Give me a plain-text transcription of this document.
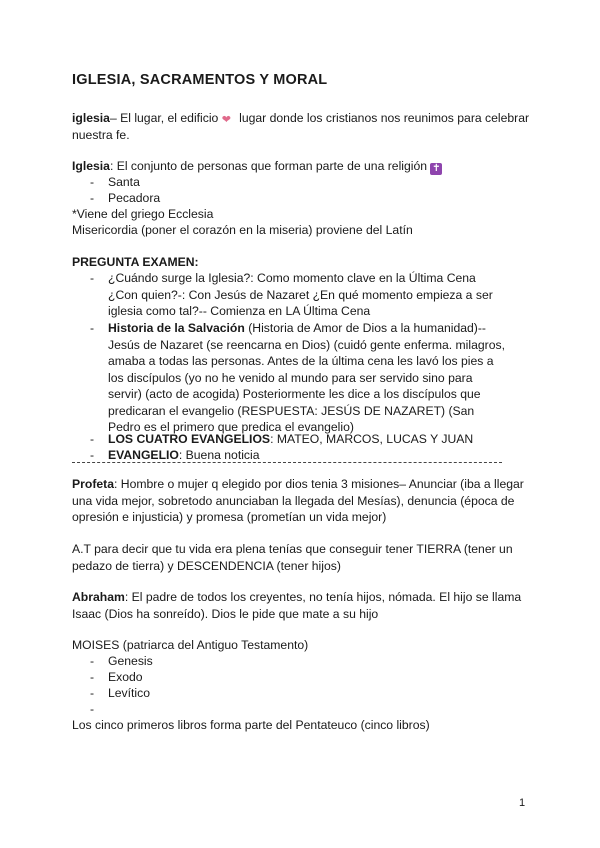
IGLESIA, SACRAMENTOS Y MORAL
iglesia– El lugar, el edificio ❤ lugar donde los cristianos nos reunimos para celebrar nuestra fe.
Iglesia: El conjunto de personas que forman parte de una religión ✝
-	Santa
-	Pecadora
*Viene del griego Ecclesia
Misericordia (poner el corazón en la miseria) proviene del Latín
PREGUNTA EXAMEN:
-	¿Cuándo surge la Iglesia?: Como momento clave en la Última Cena ¿Con quien?-: Con Jesús de Nazaret ¿En qué momento empieza a ser iglesia como tal?-- Comienza en LA Última Cena
-	Historia de la Salvación (Historia de Amor de Dios a la humanidad)-- Jesús de Nazaret (se reencarna en Dios) (cuidó gente enferma. milagros, amaba a todas las personas. Antes de la última cena les lavó los pies a los discípulos (yo no he venido al mundo para ser servido sino para servir) (acto de acogida) Posteriormente les dice a los discípulos que predicaran el evangelio (RESPUESTA: JESÚS DE NAZARET) (San Pedro es el primero que predica el evangelio)
-	LOS CUATRO EVANGELIOS: MATEO, MARCOS, LUCAS Y JUAN
-	EVANGELIO: Buena noticia
Profeta: Hombre o mujer q elegido por dios tenia 3 misiones– Anunciar (iba a llegar una vida mejor, sobretodo anunciaban la llegada del Mesías), denuncia (época de opresión e injusticia) y promesa (prometían un vida mejor)
A.T para decir que tu vida era plena tenías que conseguir tener TIERRA (tener un pedazo de tierra) y DESCENDENCIA (tener hijos)
Abraham: El padre de todos los creyentes, no tenía hijos, nómada. El hijo se llama Isaac (Dios ha sonreído). Dios le pide que mate a su hijo
MOISES (patriarca del Antiguo Testamento)
-	Genesis
-	Exodo
-	Levítico
-
Los cinco primeros libros forma parte del Pentateuco (cinco libros)
1
